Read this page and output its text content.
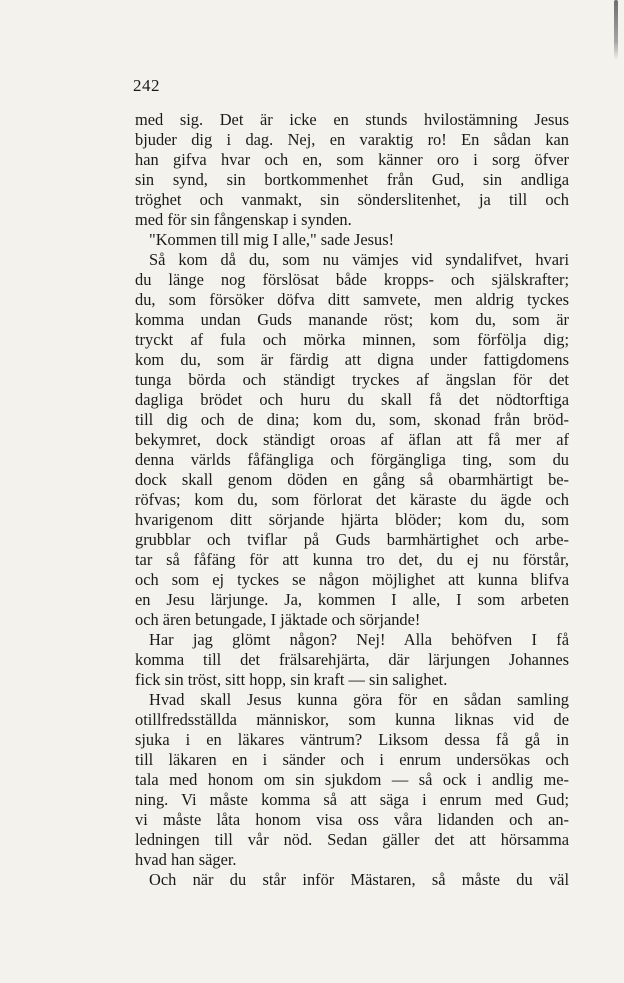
242
med sig. Det är icke en stunds hvilostämning Jesus
bjuder dig i dag. Nej, en varaktig ro! En sådan kan
han gifva hvar och en, som känner oro i sorg öfver
sin synd, sin bortkommenhet från Gud, sin andliga
tröghet och vanmakt, sin sönderslitenhet, ja till och
med för sin fångenskap i synden.
"Kommen till mig I alle," sade Jesus!
Så kom då du, som nu vämjes vid syndalifvet, hvari
du länge nog förslösat både kropps- och själskrafter;
du, som försöker döfva ditt samvete, men aldrig tyckes
komma undan Guds manande röst; kom du, som är
tryckt af fula och mörka minnen, som förfölja dig;
kom du, som är färdig att digna under fattigdomens
tunga börda och ständigt tryckes af ängslan för det
dagliga brödet och huru du skall få det nödtorftiga
till dig och de dina; kom du, som, skonad från bröd-
bekymret, dock ständigt oroas af äflan att få mer af
denna världs fåfängliga och förgängliga ting, som du
dock skall genom döden en gång så obarmhärtigt be-
röfvas; kom du, som förlorat det käraste du ägde och
hvarigenom ditt sörjande hjärta blöder; kom du, som
grubblar och tviflar på Guds barmhärtighet och arbe-
tar så fåfäng för att kunna tro det, du ej nu förstår,
och som ej tyckes se någon möjlighet att kunna blifva
en Jesu lärjunge. Ja, kommen I alle, I som arbeten
och ären betungade, I jäktade och sörjande!
Har jag glömt någon? Nej! Alla behöfven I få
komma till det frälsarehjärta, där lärjungen Johannes
fick sin tröst, sitt hopp, sin kraft — sin salighet.
Hvad skall Jesus kunna göra för en sådan samling
otillfredsställda människor, som kunna liknas vid de
sjuka i en läkares väntrum? Liksom dessa få gå in
till läkaren en i sänder och i enrum undersökas och
tala med honom om sin sjukdom — så ock i andlig me-
ning. Vi måste komma så att säga i enrum med Gud;
vi måste låta honom visa oss våra lidanden och an-
ledningen till vår nöd. Sedan gäller det att hörsamma
hvad han säger.
Och när du står inför Mästaren, så måste du väl
